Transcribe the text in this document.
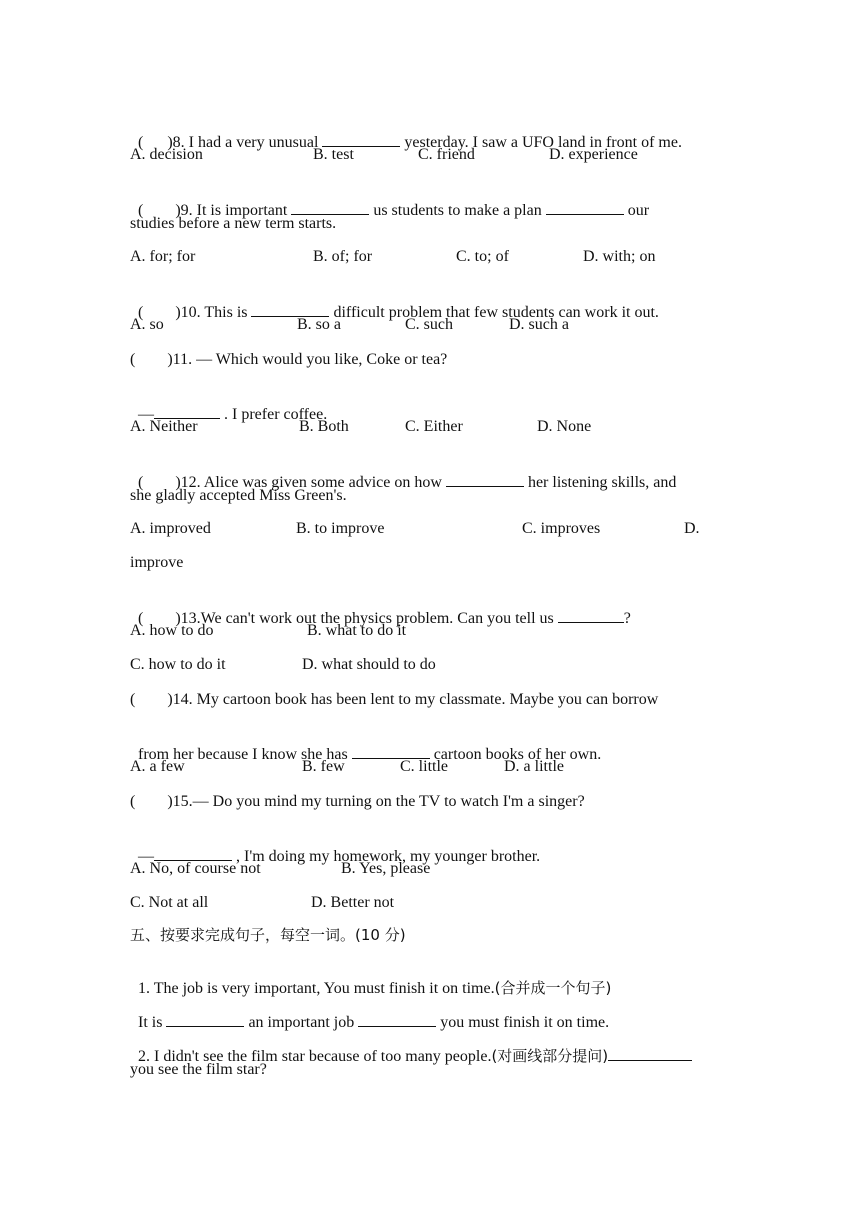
(      )8. I had a very unusual	yesterday. I saw a UFO land in front of me.

A. decision	B. test	C. friend	D. experience

(        )9. It is important	us students to make a plan	our

studies before a new term starts.
A. for; for	B. of; for	C. to; of	D. with; on

(        )10. This is	difficult problem that few students can work it out.

A. so	B. so a	C. such	D. such a
(        )11. — Which would you like, Coke or tea?

—	. I prefer coffee.

A. Neither	B. Both	C. Either	D. None

(        )12. Alice was given some advice on how	her listening skills, and

she gladly accepted Miss Green's.
A. improved	B. to improve	C. improves	D.
improve

(        )13.We can't work out the physics problem. Can you tell us	?

A. how to do	B. what to do it
C. how to do it	D. what should to do
(        )14. My cartoon book has been lent to my classmate. Maybe you can borrow

from her because I know she has	cartoon books of her own.

A. a few	B. few	C. little	D. a little
(        )15.— Do you mind my turning on the TV to watch I'm a singer?

—	, I'm doing my homework, my younger brother.

A. No, of course not	B. Yes, please
C. Not at all	D. Better not
五、按要求完成句子，每空一词。(10 分)

1. The job is very important, You must finish it on time.(合并成一个句子)

It is	an important job	you must finish it on time.

2. I didn't see the film star because of too many people.(对画线部分提问)

you see the film star?
